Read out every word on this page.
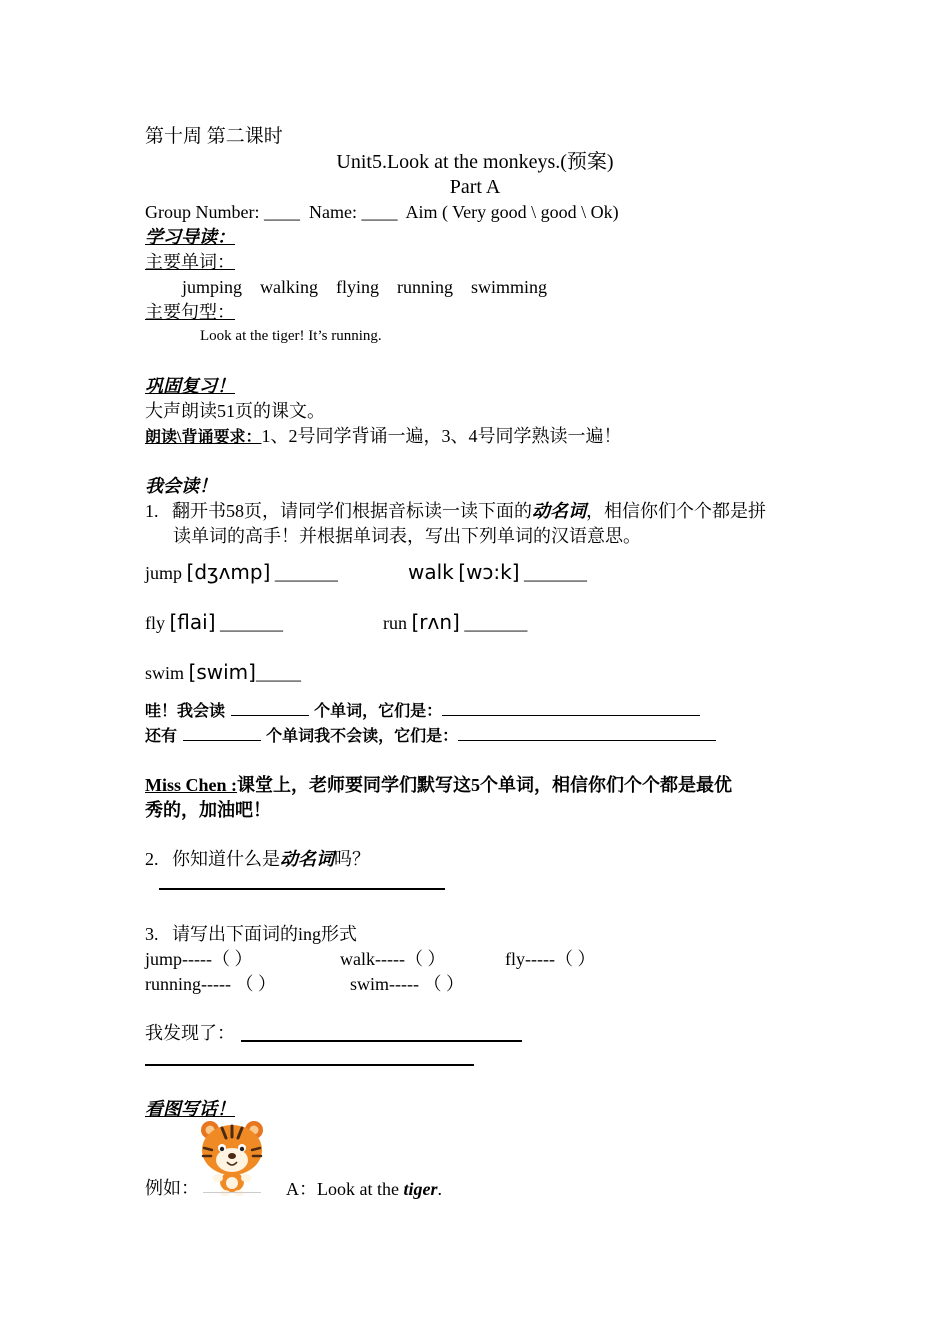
第十周 第二课时
Unit5.Look at the monkeys.(预案)
Part A
Group Number: ____ Name: ____ Aim ( Very good \ good \ Ok)
学习导读：
主要单词：
jumping walking flying running swimming
主要句型：
Look at the tiger! It’s running.
巩固复习！
大声朗读51页的课文。
朗读\背诵要求：1、2号同学背诵一遍，3、4号同学熟读一遍！
我会读！
1. 翻开书58页，请同学们根据音标读一读下面的动名词，相信你们个个都是拼
读单词的高手！并根据单词表，写出下列单词的汉语意思。
jump [dʒʌmp] _______	walk [wɔ:k] _______
fly [flai] _______	run [rʌn] _______
swim [swim]_____
哇！我会读	个单词，它们是：
还有	个单词我不会读，它们是：
Miss Chen :课堂上，老师要同学们默写这5个单词，相信你们个个都是最优
秀的，加油吧！
2. 你知道什么是动名词吗？
3. 请写出下面词的ing形式
jump-----（ ）	walk-----（ ）	fly-----（ ）
running----- （ ）	swim----- （ ）
我发现了：
看图写话！
例如：	A：Look at the tiger.
